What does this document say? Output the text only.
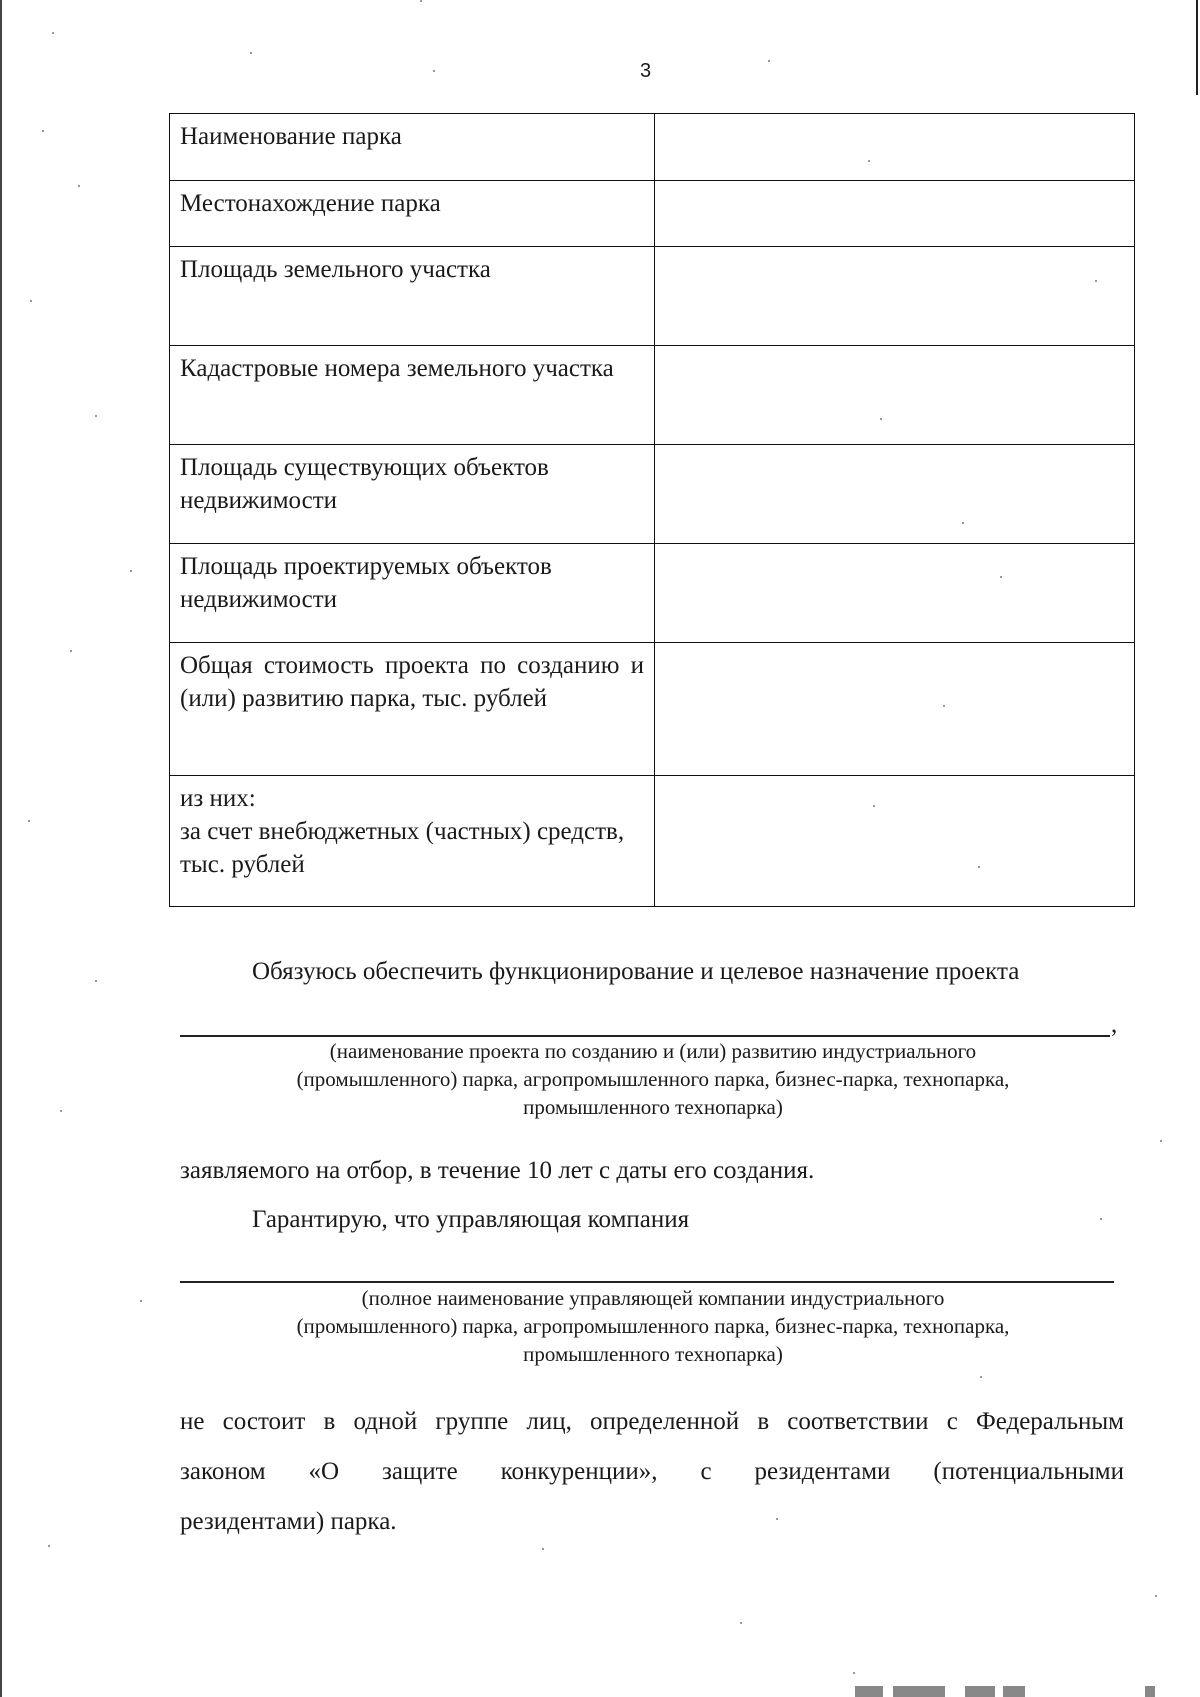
3
Наименование парка	
Местонахождение парка	
Площадь земельного участка	
Кадастровые номера земельного участка	
Площадь существующих объектов недвижимости	
Площадь проектируемых объектов недвижимости	
Общая стоимость проекта по созданию и (или) развитию парка, тыс. рублей	

из них:
за счет внебюджетных (частных) средств, тыс. рублей	

Обязуюсь обеспечить функционирование и целевое назначение проекта
,
(наименование проекта по созданию и (или) развитию индустриального
(промышленного) парка, агропромышленного парка, бизнес-парка, технопарка,
промышленного технопарка)
заявляемого на отбор, в течение 10 лет с даты его создания.
Гарантирую, что управляющая компания
(полное наименование управляющей компании индустриального
(промышленного) парка, агропромышленного парка, бизнес-парка, технопарка,
промышленного технопарка)
не состоит в одной группе лиц, определенной в соответствии с Федеральным
законом «О защите конкуренции», с резидентами (потенциальными
резидентами) парка.
